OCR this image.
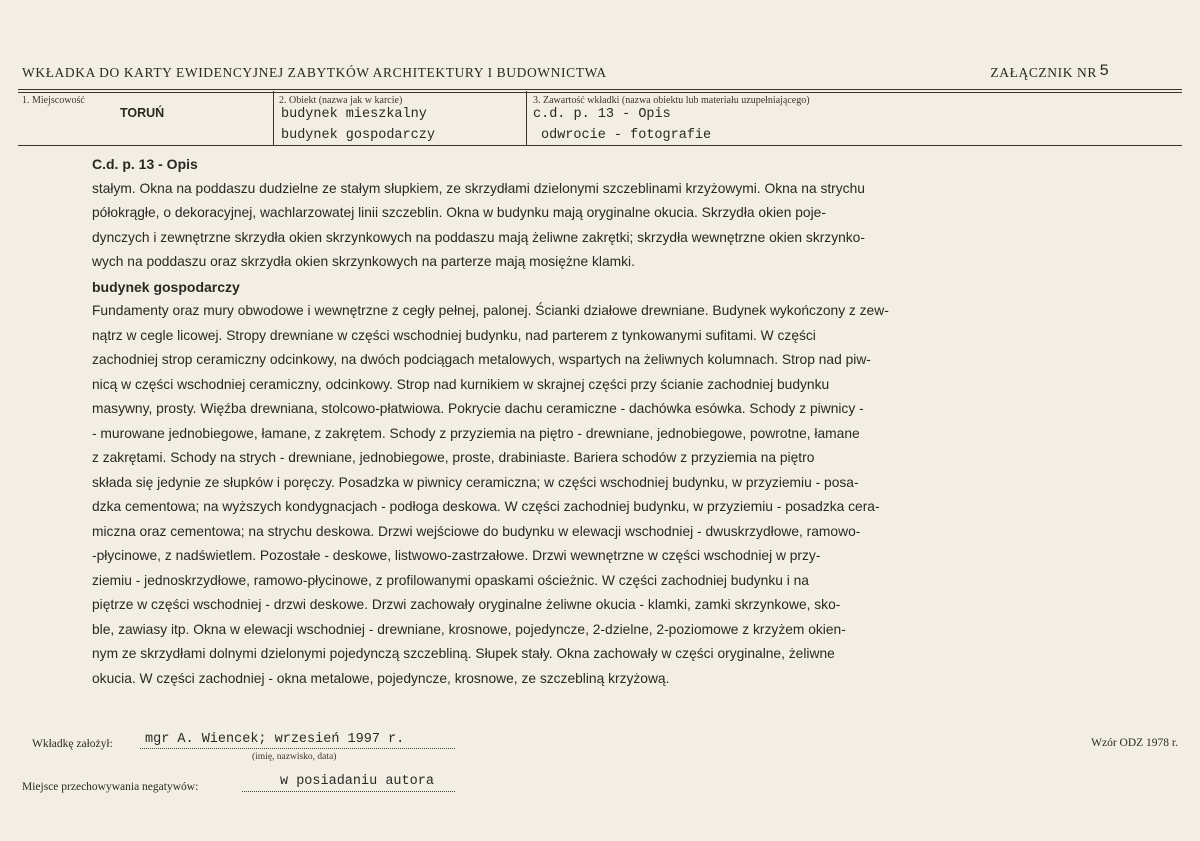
WKŁADKA DO KARTY EWIDENCYJNEJ ZABYTKÓW ARCHITEKTURY I BUDOWNICTWA	ZAŁĄCZNIK NR 5
1. Miejscowość
TORUŃ
2. Obiekt (nazwa jak w karcie)
budynek mieszkalny
budynek gospodarczy
3. Zawartość wkładki (nazwa obiektu lub materiału uzupełniającego)
c.d. p. 13 - Opis
odwrocie - fotografie

C.d. p. 13 - Opis

stałym. Okna na poddaszu dudzielne ze stałym słupkiem, ze skrzydłami dzielonymi szczeblinami krzyżowymi. Okna na strychu

półokrągłe, o dekoracyjnej, wachlarzowatej linii szczeblin. Okna w budynku mają oryginalne okucia. Skrzydła okien poje-

dynczych i zewnętrzne skrzydła okien skrzynkowych na poddaszu mają żeliwne zakrętki; skrzydła wewnętrzne okien skrzynko-

wych na poddaszu oraz skrzydła okien skrzynkowych na parterze mają mosiężne klamki.

budynek gospodarczy

Fundamenty oraz mury obwodowe i wewnętrzne z cegły pełnej, palonej. Ścianki działowe drewniane. Budynek wykończony z zew-

nątrz w cegle licowej. Stropy drewniane w części wschodniej budynku, nad parterem z tynkowanymi sufitami. W części

zachodniej strop ceramiczny odcinkowy, na dwóch podciągach metalowych, wspartych na żeliwnych kolumnach. Strop nad piw-

nicą w części wschodniej ceramiczny, odcinkowy. Strop nad kurnikiem w skrajnej części przy ścianie zachodniej budynku

masywny, prosty. Więźba drewniana, stolcowo-płatwiowa. Pokrycie dachu ceramiczne - dachówka esówka. Schody z piwnicy -

- murowane jednobiegowe, łamane, z zakrętem. Schody z przyziemia na piętro - drewniane, jednobiegowe, powrotne, łamane

z zakrętami. Schody na strych - drewniane, jednobiegowe, proste, drabiniaste. Bariera schodów z przyziemia na piętro

składa się jedynie ze słupków i poręczy. Posadzka w piwnicy ceramiczna; w części wschodniej budynku, w przyziemiu - posa-

dzka cementowa; na wyższych kondygnacjach - podłoga deskowa. W części zachodniej budynku, w przyziemiu - posadzka cera-

miczna oraz cementowa; na strychu deskowa. Drzwi wejściowe do budynku w elewacji wschodniej - dwuskrzydłowe, ramowo-

-płycinowe, z nadświetlem. Pozostałe - deskowe, listwowo-zastrzałowe. Drzwi wewnętrzne w części wschodniej w przy-

ziemiu - jednoskrzydłowe, ramowo-płycinowe, z profilowanymi opaskami ościeżnic. W części zachodniej budynku i na

piętrze w części wschodniej - drzwi deskowe. Drzwi zachowały oryginalne żeliwne okucia - klamki, zamki skrzynkowe, sko-

ble, zawiasy itp. Okna w elewacji wschodniej - drewniane, krosnowe, pojedyncze, 2-dzielne, 2-poziomowe z krzyżem okien-

nym ze skrzydłami dolnymi dzielonymi pojedynczą szczebliną. Słupek stały. Okna zachowały w części oryginalne, żeliwne

okucia. W części zachodniej - okna metalowe, pojedyncze, krosnowe, ze szczebliną krzyżową.

Wkładkę założył: mgr A. Wiencek; wrzesień 1997 r.
(imię, nazwisko, data)
Miejsce przechowywania negatywów:	w posiadaniu autora
Wzór ODZ 1978 r.
